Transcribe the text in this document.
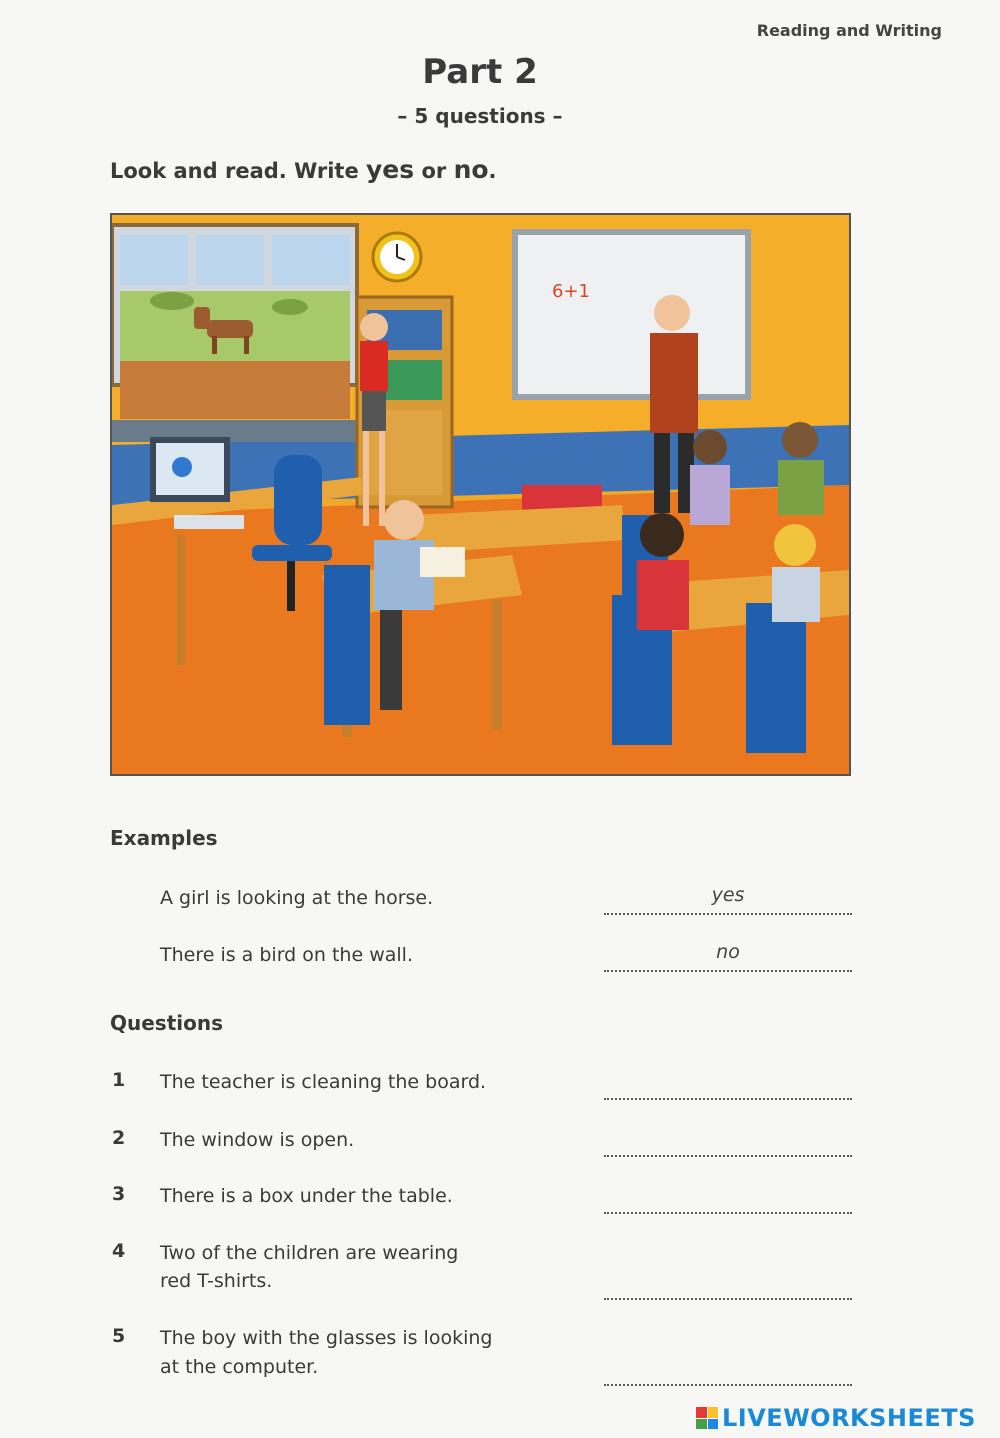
Reading and Writing
Part 2
– 5 questions –
Look and read. Write yes or no.
6+1
Examples
A girl is looking at the horse.	yes
There is a bird on the wall.	no
Questions
1 The teacher is cleaning the board.
2 The window is open.
3 There is a box under the table.
4 Two of the children are wearing
red T-shirts.
5 The boy with the glasses is looking
at the computer.
LIVEWORKSHEETS
